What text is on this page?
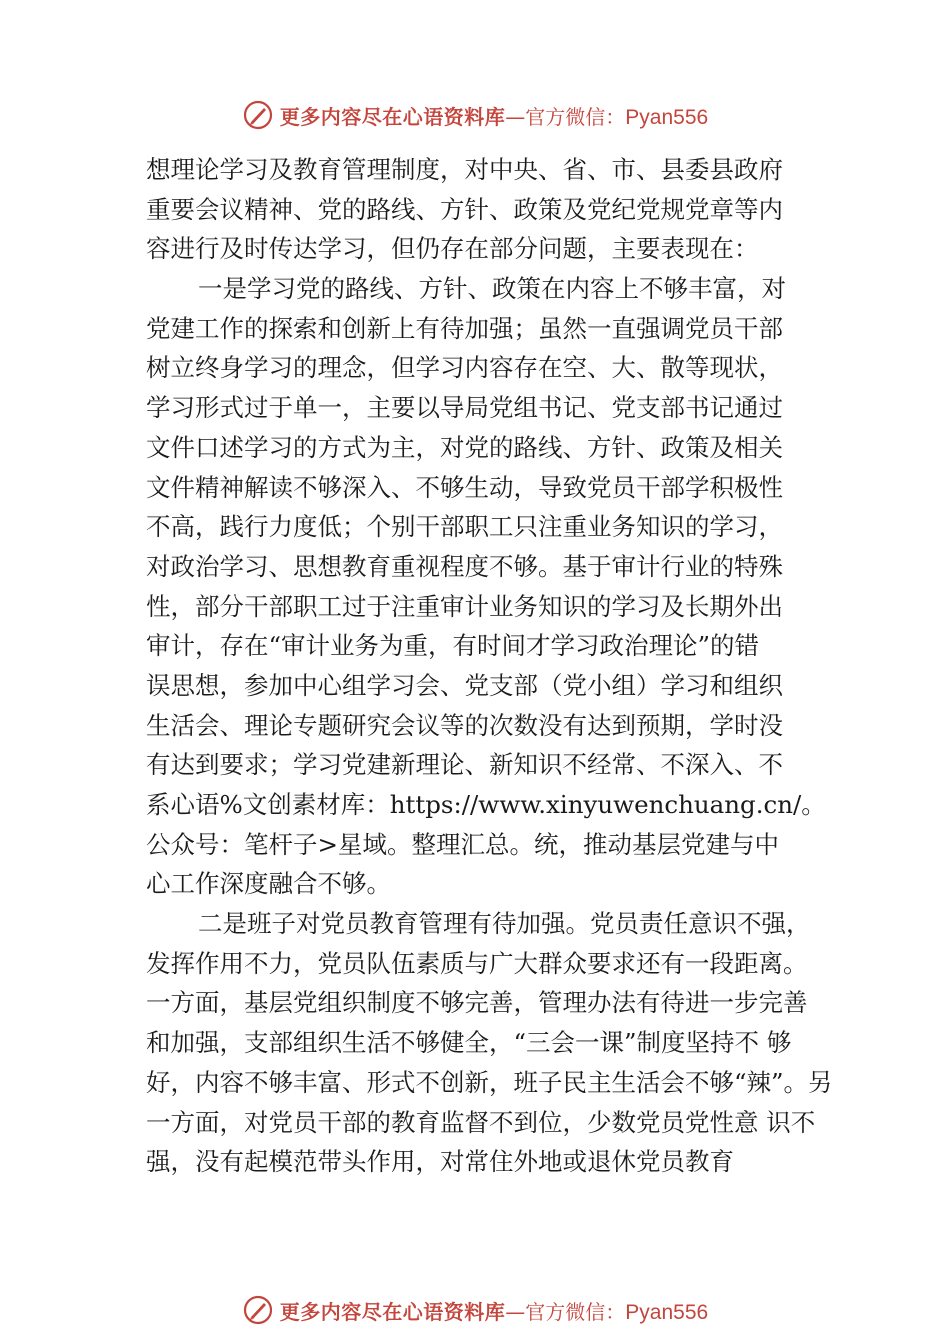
更多内容尽在心语资料库—官方微信：Pyan556
想理论学习及教育管理制度，对中央、省、市、县委县政府
重要会议精神、党的路线、方针、政策及党纪党规党章等内
容进行及时传达学习，但仍存在部分问题，主要表现在：
一是学习党的路线、方针、政策在内容上不够丰富，对
党建工作的探索和创新上有待加强；虽然一直强调党员干部
树立终身学习的理念，但学习内容存在空、大、散等现状，
学习形式过于单一，主要以导局党组书记、党支部书记通过
文件口述学习的方式为主，对党的路线、方针、政策及相关
文件精神解读不够深入、不够生动，导致党员干部学积极性
不高，践行力度低；个别干部职工只注重业务知识的学习，
对政治学习、思想教育重视程度不够。基于审计行业的特殊
性，部分干部职工过于注重审计业务知识的学习及长期外出
审计，存在“审计业务为重，有时间才学习政治理论”的错
误思想，参加中心组学习会、党支部（党小组）学习和组织
生活会、理论专题研究会议等的次数没有达到预期，学时没
有达到要求；学习党建新理论、新知识不经常、不深入、不
系心语%文创素材库：https://www.xinyuwenchuang.cn/。
公众号：笔杆子>星域。整理汇总。统，推动基层党建与中
心工作深度融合不够。
二是班子对党员教育管理有待加强。党员责任意识不强，
发挥作用不力，党员队伍素质与广大群众要求还有一段距离。
一方面，基层党组织制度不够完善，管理办法有待进一步完善
和加强，支部组织生活不够健全，“三会一课”制度坚持不 够
好，内容不够丰富、形式不创新，班子民主生活会不够“辣”。另
一方面，对党员干部的教育监督不到位，少数党员党性意 识不
强，没有起模范带头作用，对常住外地或退休党员教育
更多内容尽在心语资料库—官方微信：Pyan556
